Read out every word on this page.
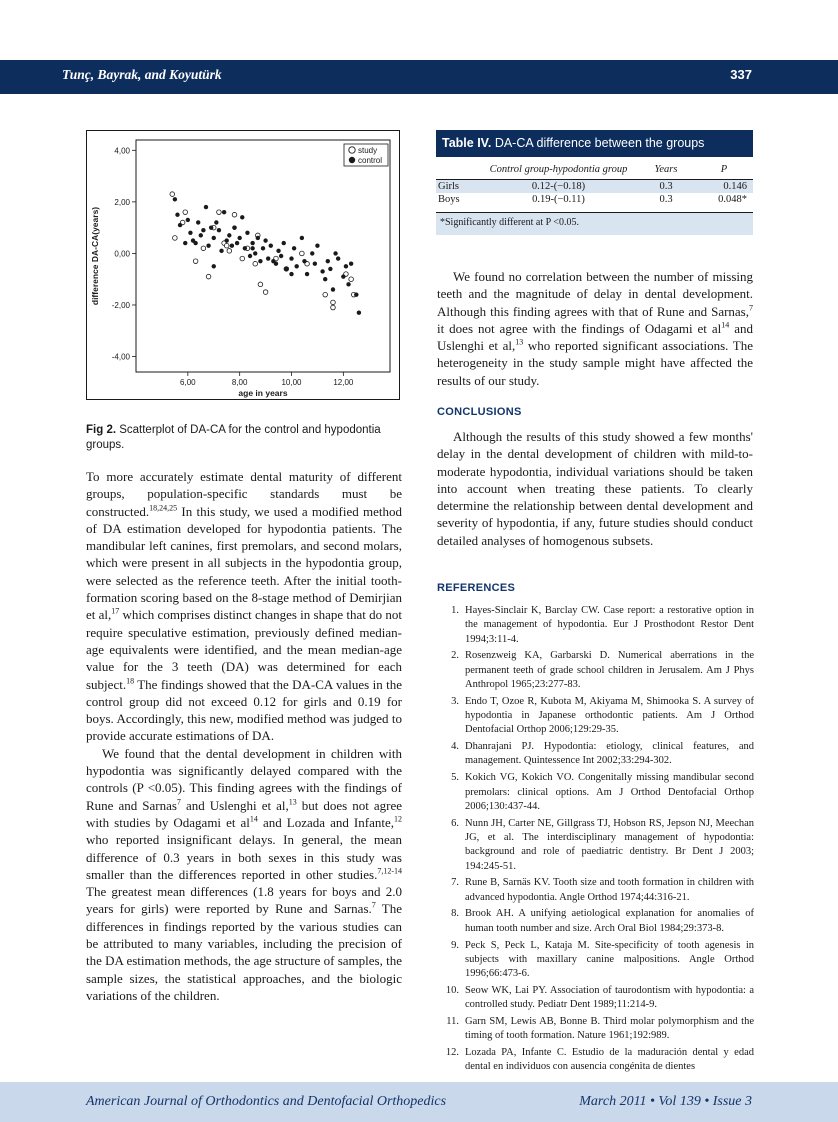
Tunç, Bayrak, and Koyutürk	337
4,00
2,00
0,00
-2,00
-4,00
6,00	8,00	10,00	12,00
difference DA-CA(years)
age in years
study
control
Fig 2. Scatterplot of DA-CA for the control and hypodontia groups.

To more accurately estimate dental maturity of different groups, population-specific standards must be constructed.$^{18,24,25}$ In this study, we used a modified method of DA estimation developed for hypodontia patients. The mandibular left canines, first premolars, and second molars, which were present in all subjects in the hypodontia group, were selected as the reference teeth. After the initial tooth-formation scoring based on the 8-stage method of Demirjian et al,$^{17}$ which comprises distinct changes in shape that do not require speculative estimation, previously defined median-age equivalents were identified, and the mean median-age value for the 3 teeth (DA) was determined for each subject.$^{18}$ The findings showed that the DA-CA values in the control group did not exceed 0.12 for girls and 0.19 for boys. Accordingly, this new, modified method was judged to provide accurate estimations of DA.

We found that the dental development in children with hypodontia was significantly delayed compared with the controls (P <0.05). This finding agrees with the findings of Rune and Sarnas$^7$ and Uslenghi et al,$^{13}$ but does not agree with studies by Odagami et $al^{14}$ and Lozada and Infante,$^{12}$ who reported insignificant delays. In general, the mean difference of 0.3 years in both sexes in this study was smaller than the differences reported in other studies.$^{7,12-14}$ The greatest mean differences (1.8 years for boys and 2.0 years for girls) were reported by Rune and Sarnas.$^7$ The differences in findings reported by the various studies can be attributed to many variables, including the precision of the DA estimation methods, the age structure of samples, the sample sizes, the statistical approaches, and the biologic variations of the children.

Table IV. DA-CA difference between the groups
	Control group-hypodontia group	Years	P
Girls	0.12-(−0.18)	0.3	0.146
Boys	0.19-(−0.11)	0.3	0.048*
*Significantly different at P <0.05.

We found no correlation between the number of missing teeth and the magnitude of delay in dental development. Although this finding agrees with that of Rune and Sarnas,$^7$ it does not agree with the findings of Odagami et $al^{14}$ and Uslenghi et al,$^{13}$ who reported significant associations. The heterogeneity in the study sample might have affected the results of our study.

CONCLUSIONS

Although the results of this study showed a few months' delay in the dental development of children with mild-to-moderate hypodontia, individual variations should be taken into account when treating these patients. To clearly determine the relationship between dental development and severity of hypodontia, if any, future studies should conduct detailed analyses of homogenous subsets.

REFERENCES
1. Hayes-Sinclair K, Barclay CW. Case report: a restorative option in the management of hypodontia. Eur J Prosthodont Restor Dent 1994;3:11-4.
2. Rosenzweig KA, Garbarski D. Numerical aberrations in the permanent teeth of grade school children in Jerusalem. Am J Phys Anthropol 1965;23:277-83.
3. Endo T, Ozoe R, Kubota M, Akiyama M, Shimooka S. A survey of hypodontia in Japanese orthodontic patients. Am J Orthod Dentofacial Orthop 2006;129:29-35.
4. Dhanrajani PJ. Hypodontia: etiology, clinical features, and management. Quintessence Int 2002;33:294-302.
5. Kokich VG, Kokich VO. Congenitally missing mandibular second premolars: clinical options. Am J Orthod Dentofacial Orthop 2006;130:437-44.
6. Nunn JH, Carter NE, Gillgrass TJ, Hobson RS, Jepson NJ, Meechan JG, et al. The interdisciplinary management of hypodontia: background and role of paediatric dentistry. Br Dent J 2003; 194:245-51.
7. Rune B, Sarnäs KV. Tooth size and tooth formation in children with advanced hypodontia. Angle Orthod 1974;44:316-21.
8. Brook AH. A unifying aetiological explanation for anomalies of human tooth number and size. Arch Oral Biol 1984;29:373-8.
9. Peck S, Peck L, Kataja M. Site-specificity of tooth agenesis in subjects with maxillary canine malpositions. Angle Orthod 1996;66:473-6.
10. Seow WK, Lai PY. Association of taurodontism with hypodontia: a controlled study. Pediatr Dent 1989;11:214-9.
11. Garn SM, Lewis AB, Bonne B. Third molar polymorphism and the timing of tooth formation. Nature 1961;192:989.
12. Lozada PA, Infante C. Estudio de la maduración dental y edad dental en individuos con ausencia congénita de dientes
American Journal of Orthodontics and Dentofacial Orthopedics	March 2011 • Vol 139 • Issue 3
